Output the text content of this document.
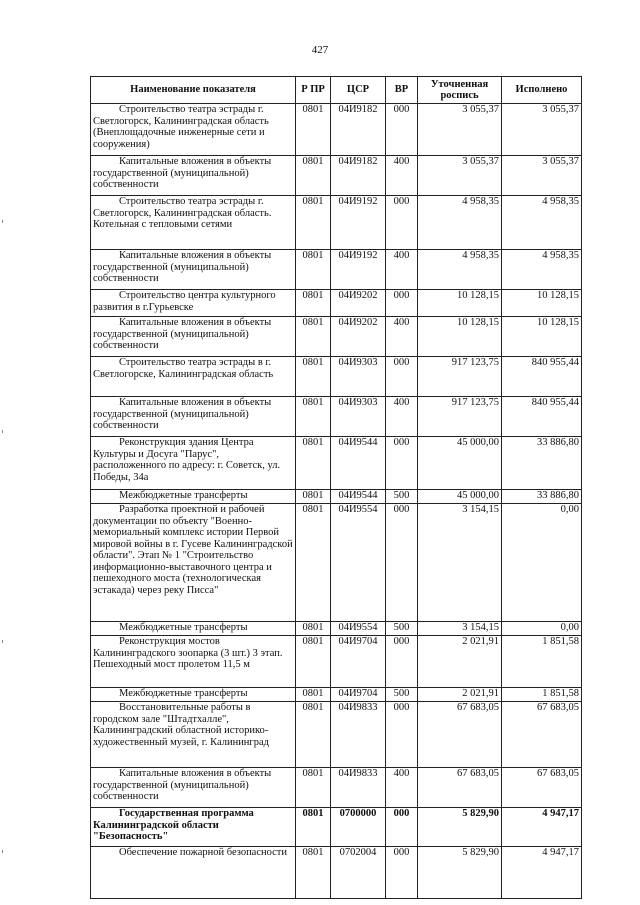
427
Наименование показателя	Р ПР	ЦСР	ВР	Уточненная роспись	Исполнено
Строительство театра эстрады г. Светлогорск, Калининградская область (Внеплощадочные инженерные сети и сооружения)	0801	04И9182	000	3 055,37	3 055,37
Капитальные вложения в объекты государственной (муниципальной) собственности	0801	04И9182	400	3 055,37	3 055,37
Строительство театра эстрады г. Светлогорск, Калининградская область. Котельная с тепловыми сетями	0801	04И9192	000	4 958,35	4 958,35
Капитальные вложения в объекты государственной (муниципальной) собственности	0801	04И9192	400	4 958,35	4 958,35
Строительство центра культурного развития в г.Гурьевске	0801	04И9202	000	10 128,15	10 128,15
Капитальные вложения в объекты государственной (муниципальной) собственности	0801	04И9202	400	10 128,15	10 128,15
Строительство театра эстрады в г. Светлогорске, Калининградская область	0801	04И9303	000	917 123,75	840 955,44
Капитальные вложения в объекты государственной (муниципальной) собственности	0801	04И9303	400	917 123,75	840 955,44
Реконструкция здания Центра Культуры и Досуга "Парус", расположенного по адресу: г. Советск, ул. Победы, 34а	0801	04И9544	000	45 000,00	33 886,80
Межбюджетные трансферты	0801	04И9544	500	45 000,00	33 886,80
Разработка проектной и рабочей документации по объекту "Военно-мемориальный комплекс истории Первой мировой войны в г. Гусеве Калининградской области". Этап № 1 "Строительство информационно-выставочного центра и пешеходного моста (технологическая эстакада) через реку Писса"	0801	04И9554	000	3 154,15	0,00
Межбюджетные трансферты	0801	04И9554	500	3 154,15	0,00
Реконструкция мостов Калининградского зоопарка (3 шт.) 3 этап. Пешеходный мост пролетом 11,5 м	0801	04И9704	000	2 021,91	1 851,58
Межбюджетные трансферты	0801	04И9704	500	2 021,91	1 851,58
Восстановительные работы в городском зале "Штадтхалле", Калининградский областной историко-художественный музей, г. Калининград	0801	04И9833	000	67 683,05	67 683,05
Капитальные вложения в объекты государственной (муниципальной) собственности	0801	04И9833	400	67 683,05	67 683,05
Государственная программа Калининградской области "Безопасность"	0801	0700000	000	5 829,90	4 947,17
Обеспечение пожарной безопасности	0801	0702004	000	5 829,90	4 947,17
